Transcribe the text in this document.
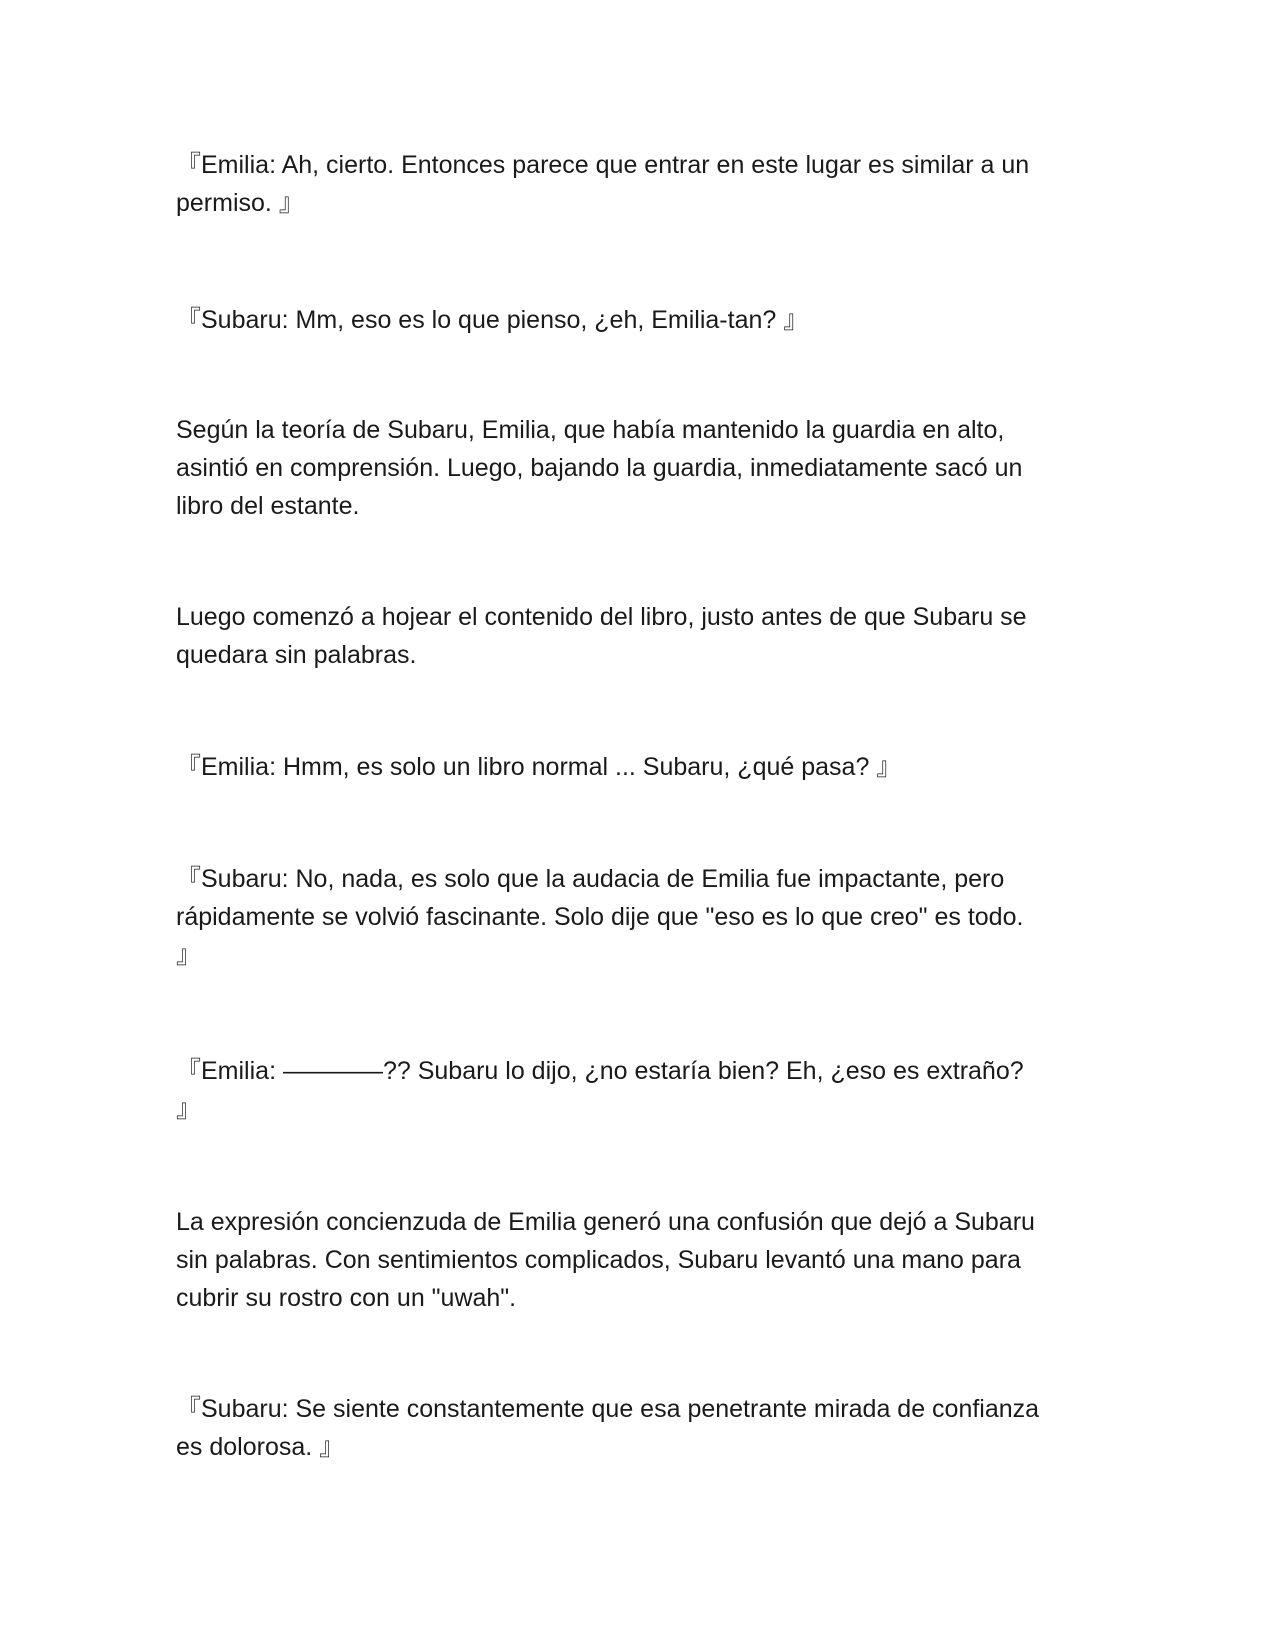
『Emilia: Ah, cierto. Entonces parece que entrar en este lugar es similar a un
permiso. 』

『Subaru: Mm, eso es lo que pienso, ¿eh, Emilia-tan? 』

Según la teoría de Subaru, Emilia, que había mantenido la guardia en alto,
asintió en comprensión. Luego, bajando la guardia, inmediatamente sacó un
libro del estante.

Luego comenzó a hojear el contenido del libro, justo antes de que Subaru se
quedara sin palabras.

『Emilia: Hmm, es solo un libro normal ... Subaru, ¿qué pasa? 』

『Subaru: No, nada, es solo que la audacia de Emilia fue impactante, pero
rápidamente se volvió fascinante. Solo dije que "eso es lo que creo" es todo.
』

『Emilia: ————?? Subaru lo dijo, ¿no estaría bien? Eh, ¿eso es extraño?
』

La expresión concienzuda de Emilia generó una confusión que dejó a Subaru
sin palabras. Con sentimientos complicados, Subaru levantó una mano para
cubrir su rostro con un "uwah".

『Subaru: Se siente constantemente que esa penetrante mirada de confianza
es dolorosa. 』
